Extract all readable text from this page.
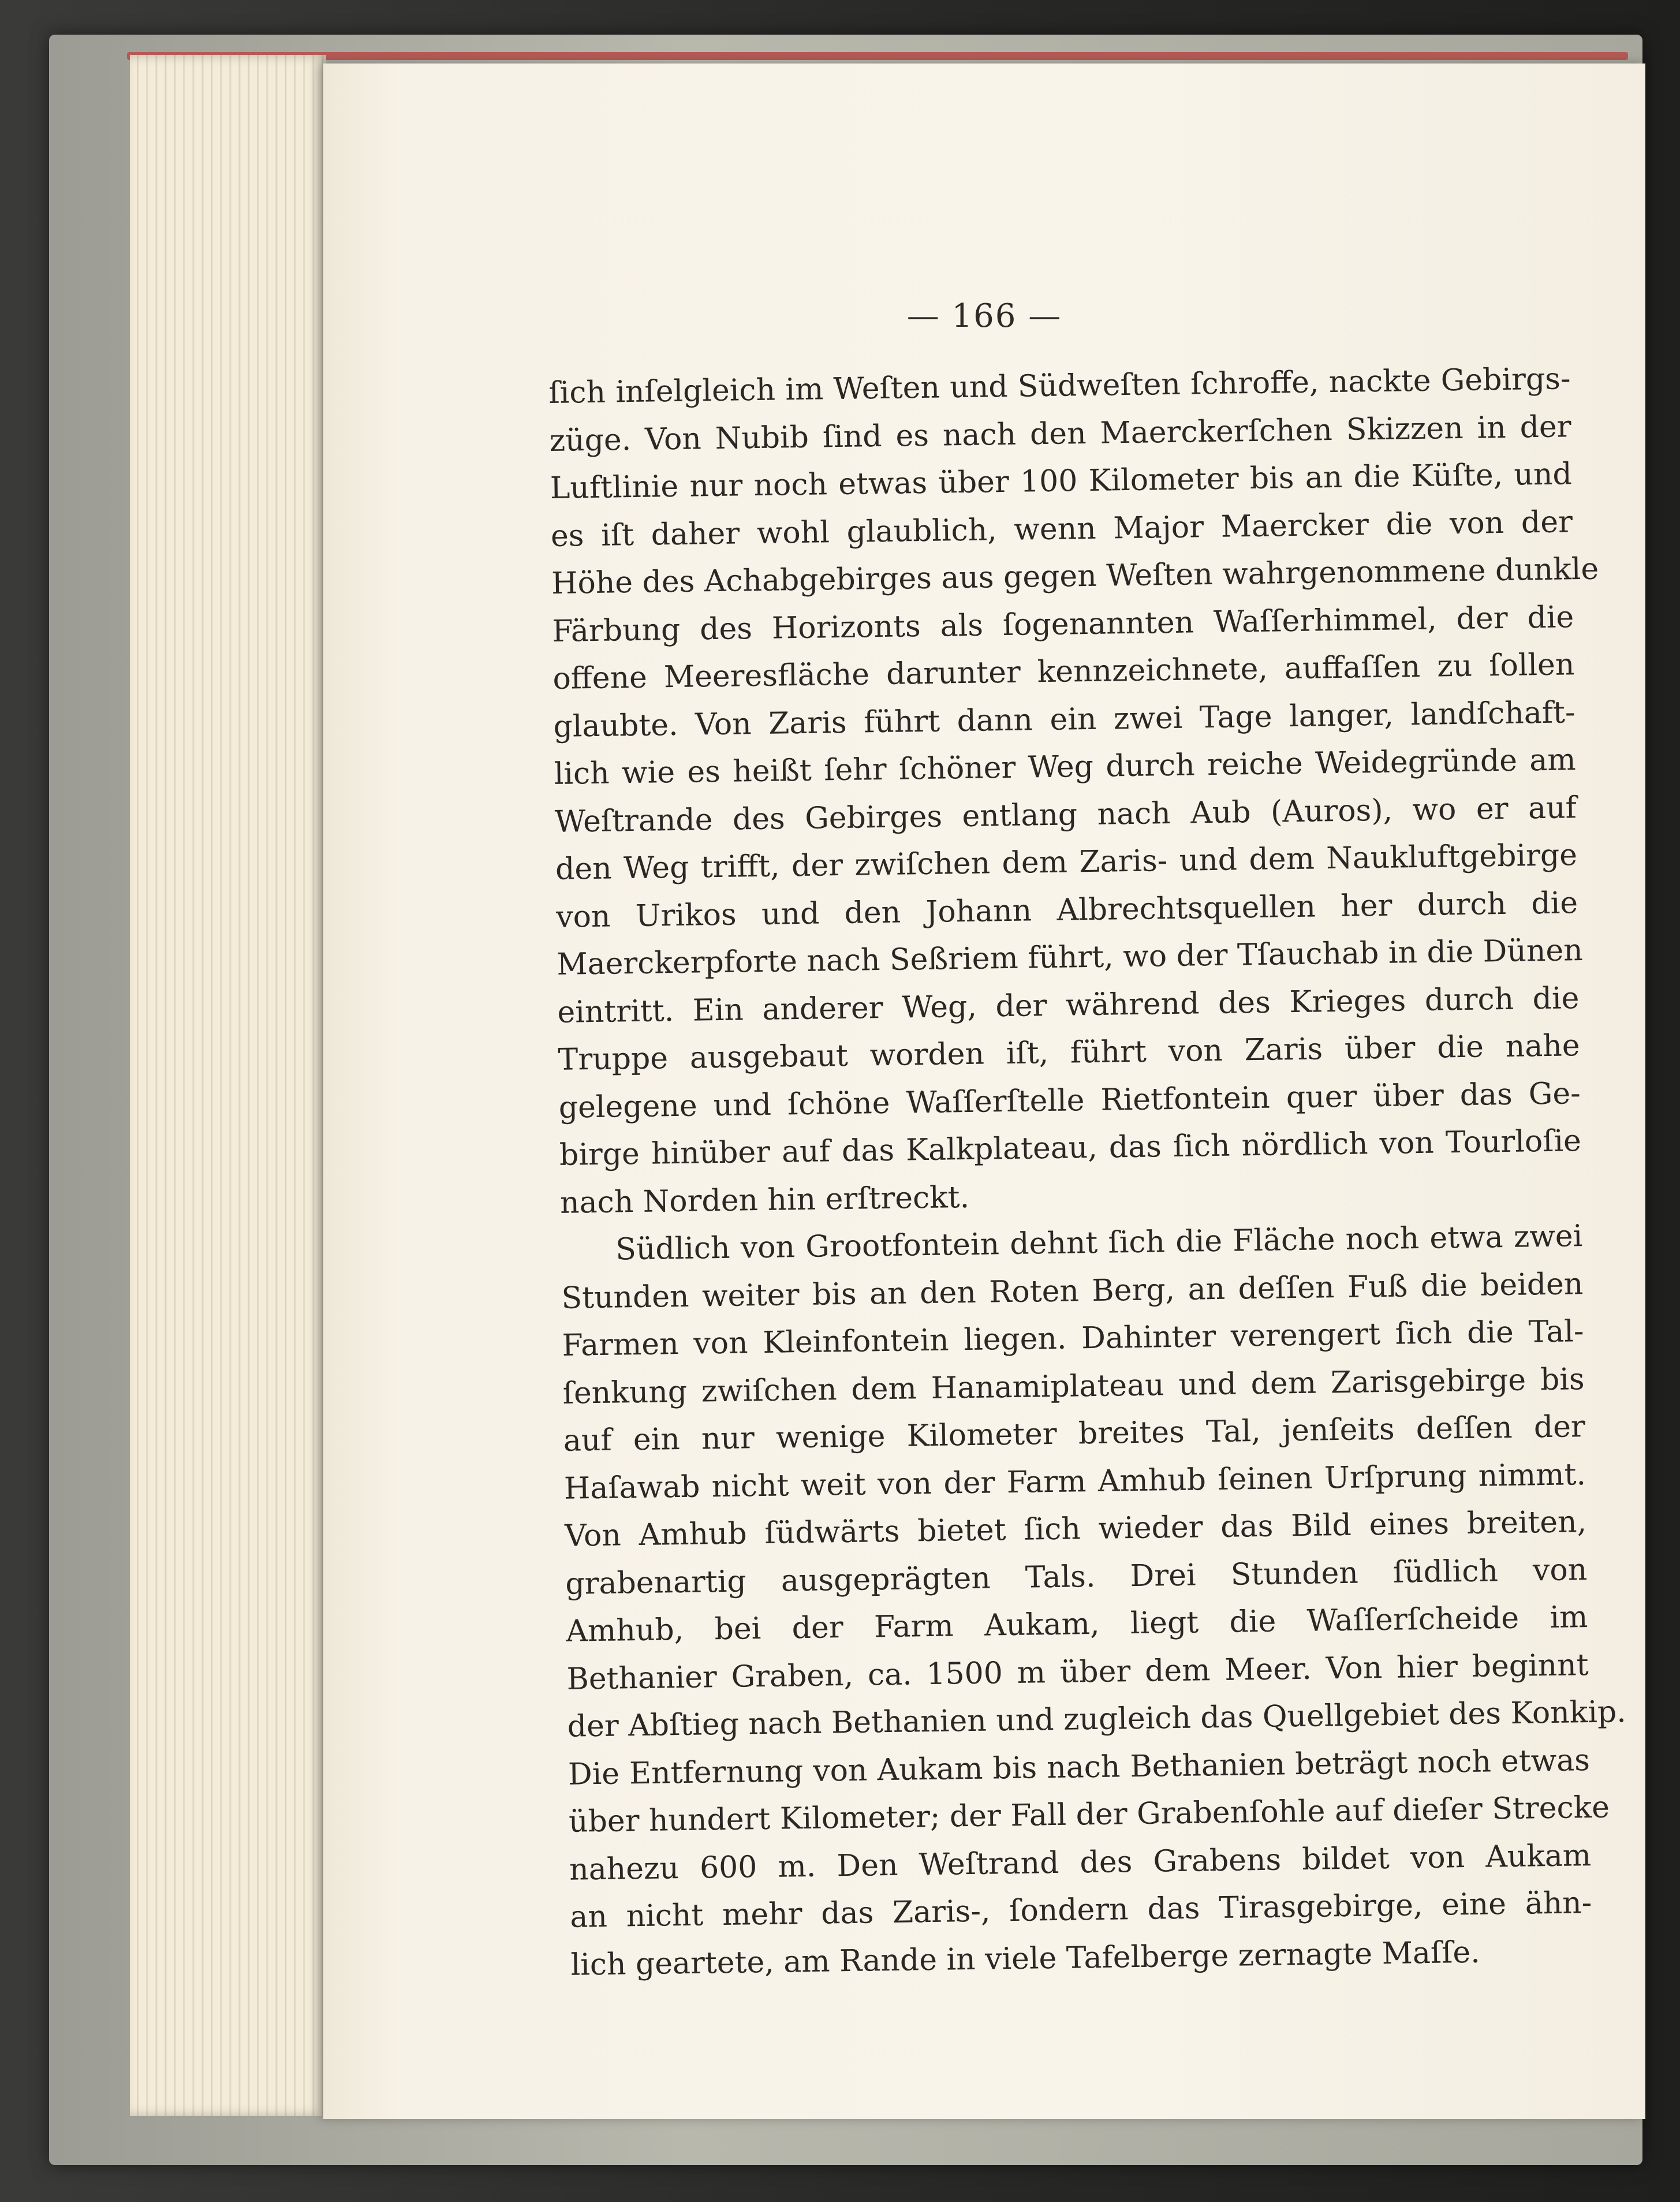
— 166 —
ſich inſelgleich im Weſten und Südweſten ſchroffe, nackte Gebirgs-
züge. Von Nubib ſind es nach den Maerckerſchen Skizzen in der
Luftlinie nur noch etwas über 100 Kilometer bis an die Küſte, und
es iſt daher wohl glaublich, wenn Major Maercker die von der
Höhe des Achabgebirges aus gegen Weſten wahrgenommene dunkle
Färbung des Horizonts als ſogenannten Waſſerhimmel, der die
offene Meeresfläche darunter kennzeichnete, auffaſſen zu ſollen
glaubte. Von Zaris führt dann ein zwei Tage langer, landſchaft-
lich wie es heißt ſehr ſchöner Weg durch reiche Weidegründe am
Weſtrande des Gebirges entlang nach Aub (Auros), wo er auf
den Weg trifft, der zwiſchen dem Zaris- und dem Naukluftgebirge
von Urikos und den Johann Albrechtsquellen her durch die
Maerckerpforte nach Seßriem führt, wo der Tſauchab in die Dünen
eintritt. Ein anderer Weg, der während des Krieges durch die
Truppe ausgebaut worden iſt, führt von Zaris über die nahe
gelegene und ſchöne Waſſerſtelle Rietfontein quer über das Ge-
birge hinüber auf das Kalkplateau, das ſich nördlich von Tourloſie
nach Norden hin erſtreckt.
Südlich von Grootfontein dehnt ſich die Fläche noch etwa zwei
Stunden weiter bis an den Roten Berg, an deſſen Fuß die beiden
Farmen von Kleinfontein liegen. Dahinter verengert ſich die Tal-
ſenkung zwiſchen dem Hanamiplateau und dem Zarisgebirge bis
auf ein nur wenige Kilometer breites Tal, jenſeits deſſen der
Haſawab nicht weit von der Farm Amhub ſeinen Urſprung nimmt.
Von Amhub ſüdwärts bietet ſich wieder das Bild eines breiten,
grabenartig ausgeprägten Tals. Drei Stunden ſüdlich von
Amhub, bei der Farm Aukam, liegt die Waſſerſcheide im
Bethanier Graben, ca. 1500 m über dem Meer. Von hier beginnt
der Abſtieg nach Bethanien und zugleich das Quellgebiet des Konkip.
Die Entfernung von Aukam bis nach Bethanien beträgt noch etwas
über hundert Kilometer; der Fall der Grabenſohle auf dieſer Strecke
nahezu 600 m. Den Weſtrand des Grabens bildet von Aukam
an nicht mehr das Zaris-, ſondern das Tirasgebirge, eine ähn-
lich geartete, am Rande in viele Tafelberge zernagte Maſſe.
